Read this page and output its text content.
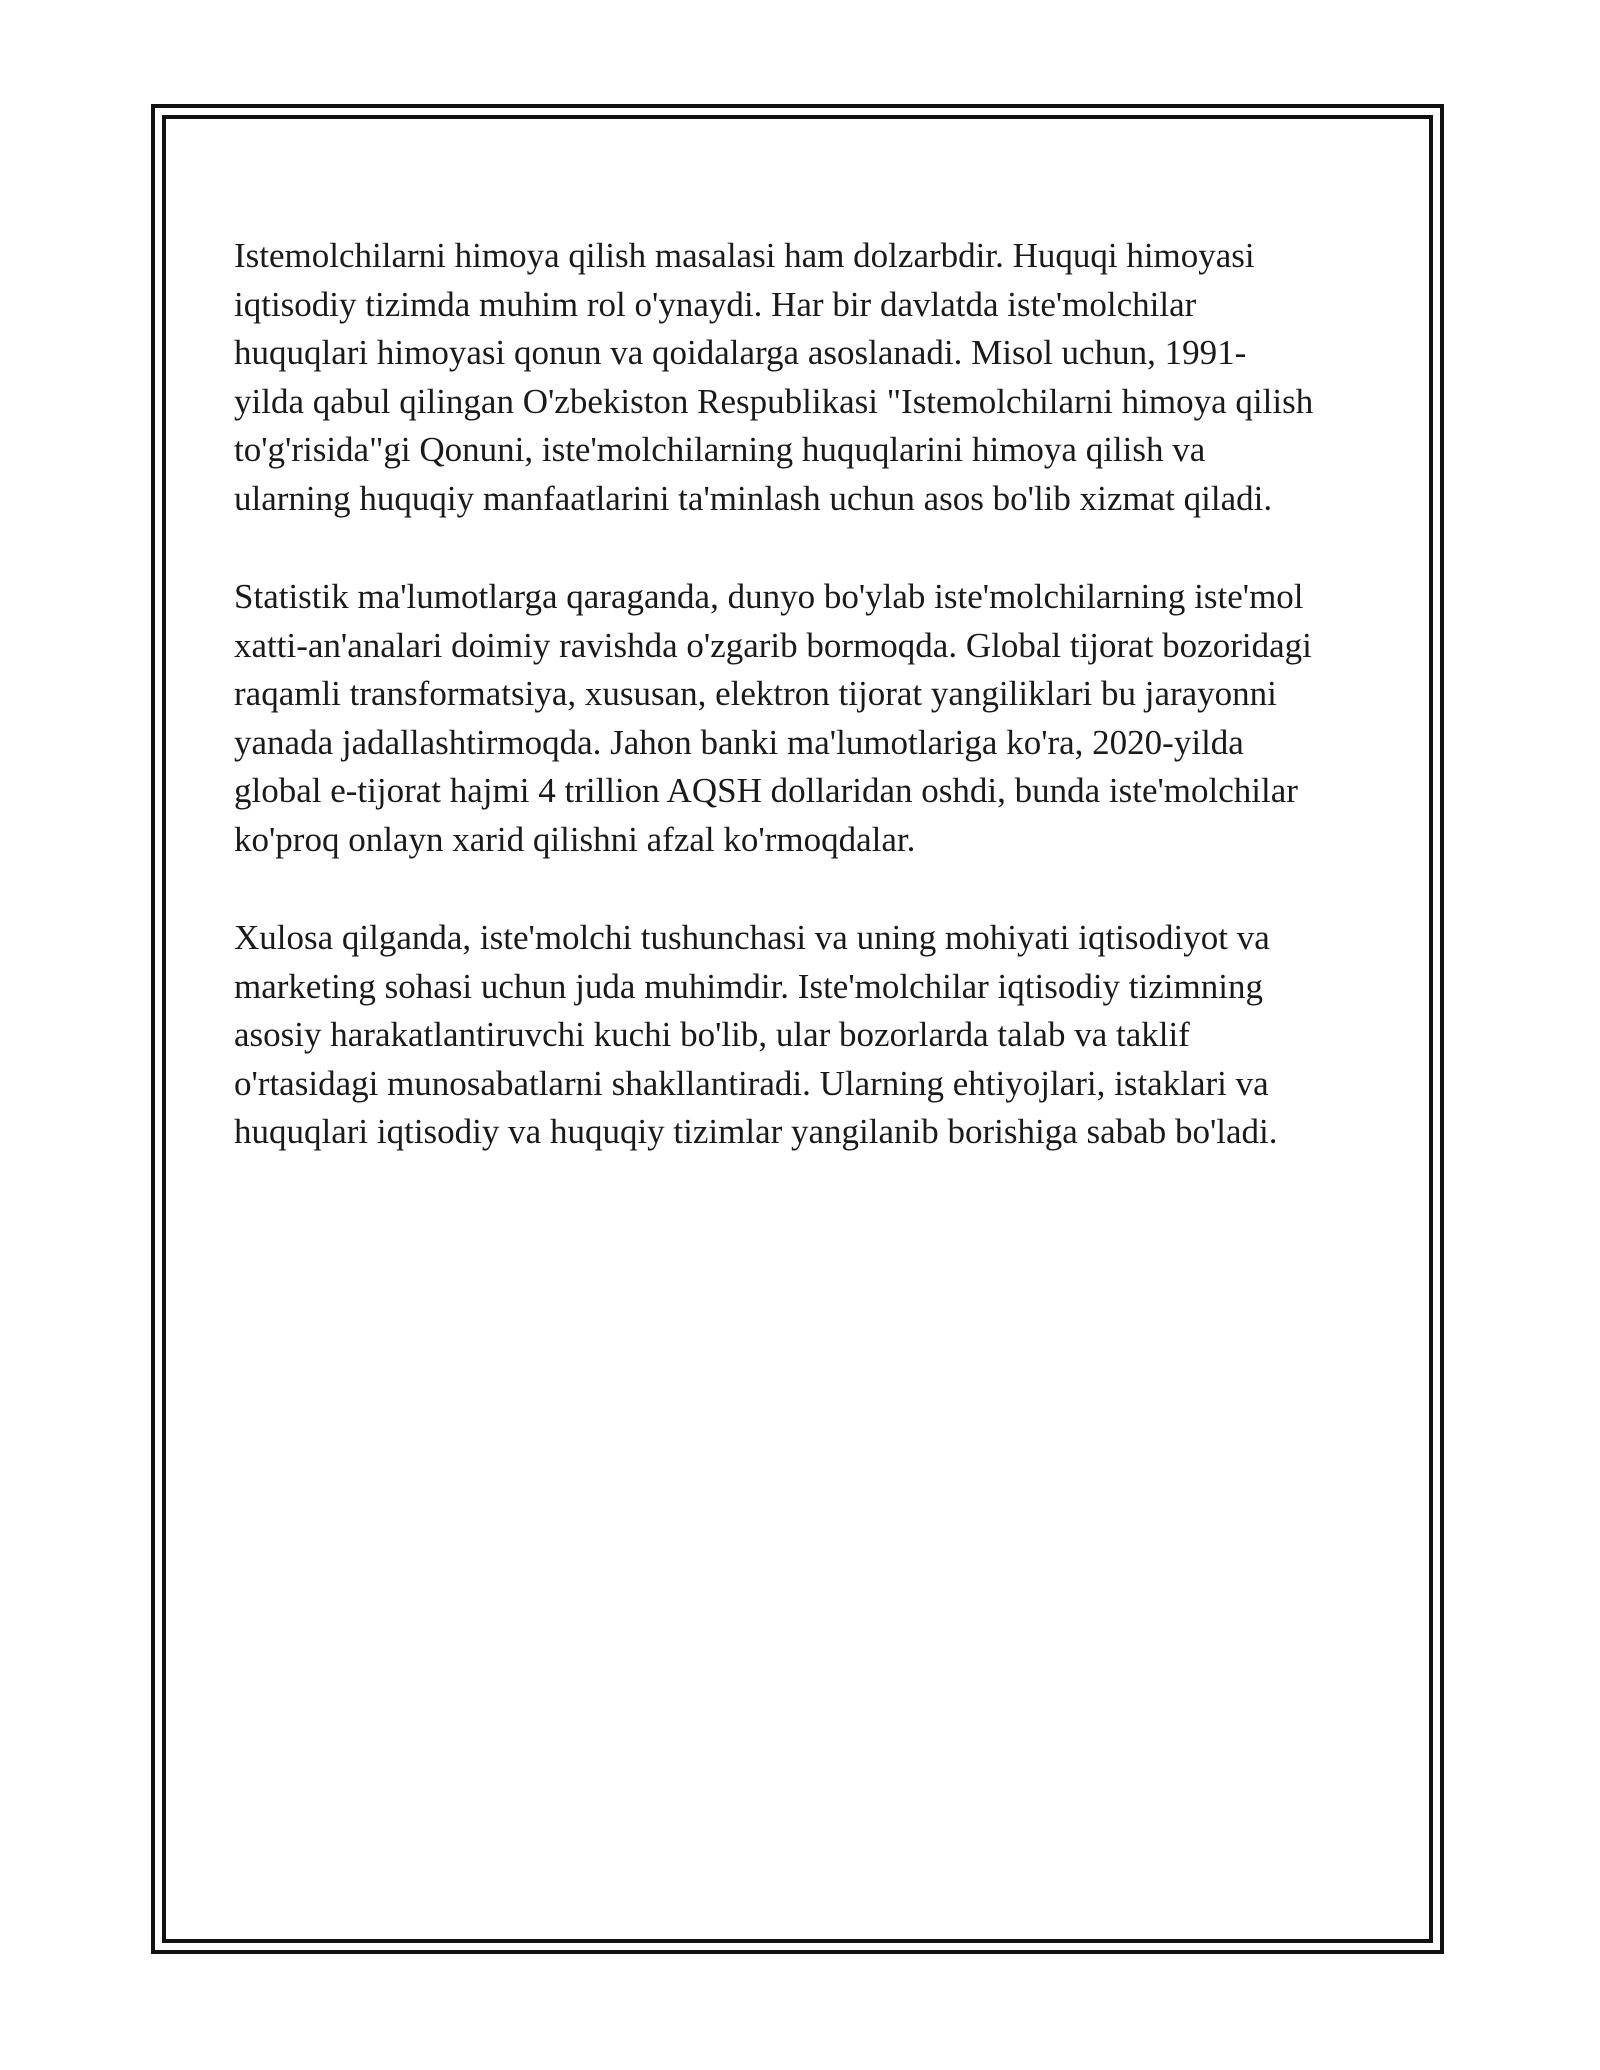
Istemolchilarni himoya qilish masalasi ham dolzarbdir. Huquqi himoyasi
iqtisodiy tizimda muhim rol o'ynaydi. Har bir davlatda iste'molchilar
huquqlari himoyasi qonun va qoidalarga asoslanadi. Misol uchun, 1991-
yilda qabul qilingan O'zbekiston Respublikasi "Istemolchilarni himoya qilish
to'g'risida"gi Qonuni, iste'molchilarning huquqlarini himoya qilish va
ularning huquqiy manfaatlarini ta'minlash uchun asos bo'lib xizmat qiladi.

Statistik ma'lumotlarga qaraganda, dunyo bo'ylab iste'molchilarning iste'mol
xatti-an'analari doimiy ravishda o'zgarib bormoqda. Global tijorat bozoridagi
raqamli transformatsiya, xususan, elektron tijorat yangiliklari bu jarayonni
yanada jadallashtirmoqda. Jahon banki ma'lumotlariga ko'ra, 2020-yilda
global e-tijorat hajmi 4 trillion AQSH dollaridan oshdi, bunda iste'molchilar
ko'proq onlayn xarid qilishni afzal ko'rmoqdalar.

Xulosa qilganda, iste'molchi tushunchasi va uning mohiyati iqtisodiyot va
marketing sohasi uchun juda muhimdir. Iste'molchilar iqtisodiy tizimning
asosiy harakatlantiruvchi kuchi bo'lib, ular bozorlarda talab va taklif
o'rtasidagi munosabatlarni shakllantiradi. Ularning ehtiyojlari, istaklari va
huquqlari iqtisodiy va huquqiy tizimlar yangilanib borishiga sabab bo'ladi.
